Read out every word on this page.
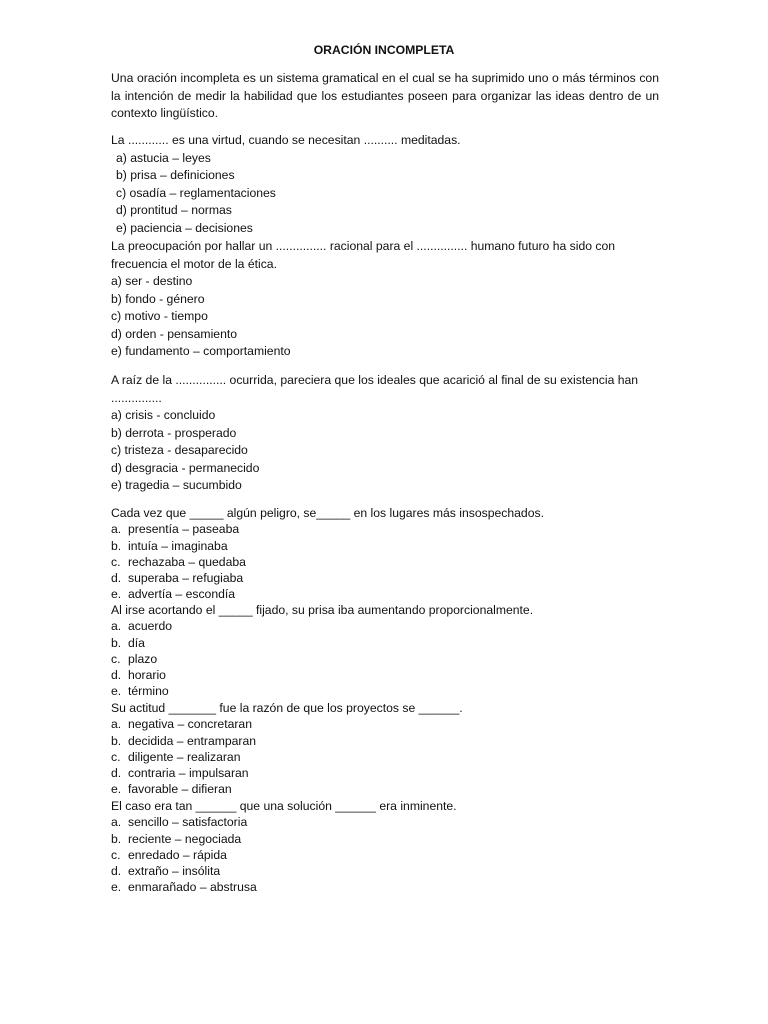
ORACIÓN INCOMPLETA
Una oración incompleta es un sistema gramatical en el cual se ha suprimido uno o más términos con la intención de medir la habilidad que los estudiantes poseen para organizar las ideas dentro de un contexto lingüístico.
La ............ es una virtud, cuando se necesitan .......... meditadas.
a) astucia – leyes
b) prisa – definiciones
c) osadía – reglamentaciones
d) prontitud – normas
e) paciencia – decisiones
La preocupación por hallar un ............... racional para el ............... humano futuro ha sido con frecuencia el motor de la ética.
a) ser - destino
b) fondo - género
c) motivo - tiempo
d) orden - pensamiento
e) fundamento – comportamiento
A raíz de la ............... ocurrida, pareciera que los ideales que acarició al final de su existencia han ...............
a) crisis - concluido
b) derrota - prosperado
c) tristeza - desaparecido
d) desgracia - permanecido
e) tragedia – sucumbido
Cada vez que _____ algún peligro, se_____ en los lugares más insospechados.
a. presentía – paseaba
b. intuía – imaginaba
c. rechazaba – quedaba
d. superaba – refugiaba
e. advertía – escondía
Al irse acortando el _____ fijado, su prisa iba aumentando proporcionalmente.
a. acuerdo
b. día
c. plazo
d. horario
e. término
Su actitud _______ fue la razón de que los proyectos se ______.
a. negativa – concretaran
b. decidida – entramparan
c. diligente – realizaran
d. contraria – impulsaran
e. favorable – difieran
El caso era tan ______ que una solución ______ era inminente.
a. sencillo – satisfactoria
b. reciente – negociada
c. enredado – rápida
d. extraño – insólita
e. enmarañado – abstrusa
